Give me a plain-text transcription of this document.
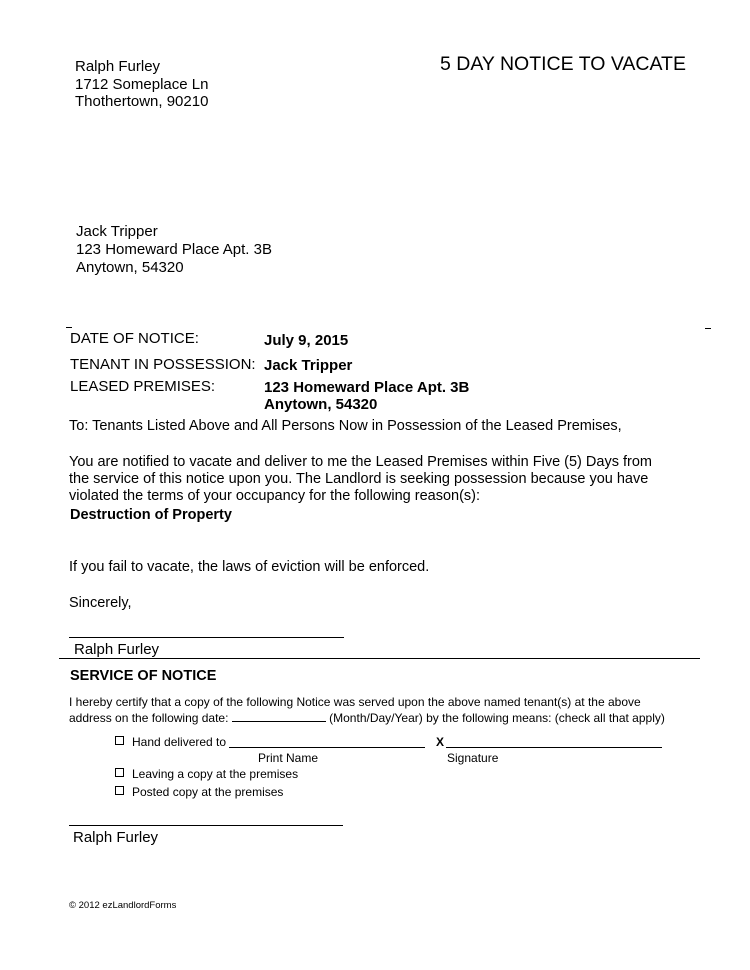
5 DAY NOTICE TO VACATE
Ralph Furley
1712 Someplace Ln
Thothertown, 90210
Jack Tripper
123 Homeward Place Apt. 3B
Anytown, 54320
DATE OF NOTICE:	July 9, 2015
TENANT IN POSSESSION: Jack Tripper
LEASED PREMISES:	123 Homeward Place Apt. 3B
Anytown, 54320
To: Tenants Listed Above and All Persons Now in Possession of the Leased Premises,
You are notified to vacate and deliver to me the Leased Premises within Five (5) Days from
the service of this notice upon you. The Landlord is seeking possession because you have
violated the terms of your occupancy for the following reason(s):
Destruction of Property
If you fail to vacate, the laws of eviction will be enforced.
Sincerely,
Ralph Furley
SERVICE OF NOTICE
I hereby certify that a copy of the following Notice was served upon the above named tenant(s) at the above
address on the following date:	(Month/Day/Year) by the following means: (check all that apply)
Hand delivered to	X
Print Name	Signature
Leaving a copy at the premises
Posted copy at the premises
Ralph Furley
© 2012 ezLandlordForms
